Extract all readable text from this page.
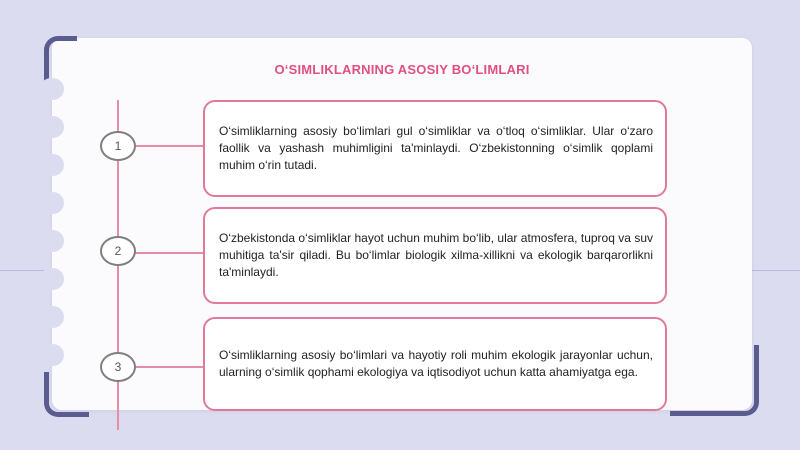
O‘SIMLIKLARNING ASOSIY BO‘LIMLARI
1

O‘simliklarning asosiy bo‘limlari gul o‘simliklar va o‘tloq o‘simliklar. Ular o‘zaro faollik va yashash muhimligini ta'minlaydi. O‘zbekistonning o‘simlik qoplami muhim o‘rin tutadi.

2

O‘zbekistonda o‘simliklar hayot uchun muhim bo‘lib, ular atmosfera, tuproq va suv muhitiga ta'sir qiladi. Bu bo‘limlar biologik xilma-xillikni va ekologik barqarorlikni ta'minlaydi.

3

O‘simliklarning asosiy bo‘limlari va hayotiy roli muhim ekologik jarayonlar uchun, ularning o‘simlik qophami ekologiya va iqtisodiyot uchun katta ahamiyatga ega.
